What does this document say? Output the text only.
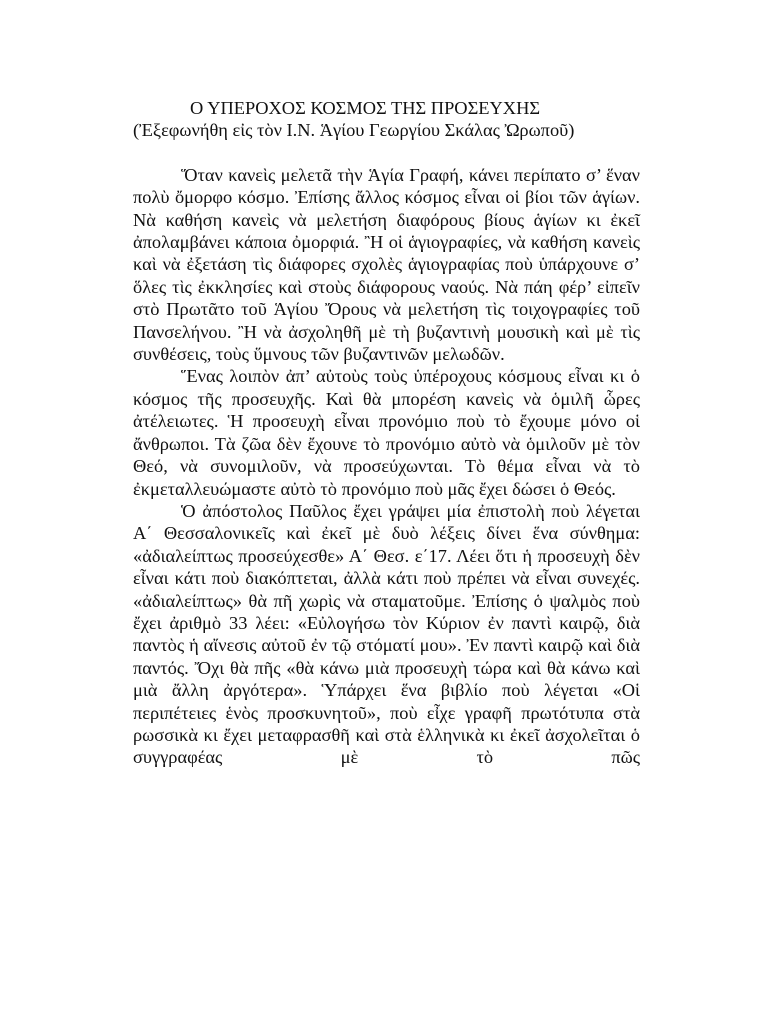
Ο ΥΠΕΡΟΧΟΣ ΚΟΣΜΟΣ ΤΗΣ ΠΡΟΣΕΥΧΗΣ

(Ἐξεφωνήθη εἰς τὸν Ι.Ν. Ἁγίου Γεωργίου Σκάλας Ὠρωποῦ)

Ὅταν κανεὶς μελετᾶ τὴν Ἁγία Γραφή, κάνει περίπατο σ’ ἕναν πολὺ ὄμορφο κόσμο. Ἐπίσης ἄλλος κόσμος εἶναι οἱ βίοι τῶν ἁγίων. Νὰ καθήση κανεὶς νὰ μελετήση διαφόρους βίους ἁγίων κι ἐκεῖ ἀπολαμβάνει κάποια ὀμορφιά. Ἢ οἱ ἁγιογραφίες, νὰ καθήση κανεὶς καὶ νὰ ἐξετάση τὶς διάφορες σχολὲς ἁγιογραφίας ποὺ ὑπάρχουνε σ’ ὅλες τὶς ἐκκλησίες καὶ στοὺς διάφορους ναούς. Νὰ πάη φέρ’ εἰπεῖν στὸ Πρωτᾶτο τοῦ Ἁγίου Ὄρους νὰ μελετήση τὶς τοιχογραφίες τοῦ Πανσελήνου. Ἢ νὰ ἀσχοληθῆ μὲ τὴ βυζαντινὴ μουσικὴ καὶ μὲ τὶς συνθέσεις, τοὺς ὕμνους τῶν βυζαντινῶν μελωδῶν.

Ἕνας λοιπὸν ἀπ’ αὐτοὺς τοὺς ὑπέροχους κόσμους εἶναι κι ὁ κόσμος τῆς προσευχῆς. Καὶ θὰ μπορέση κανεὶς νὰ ὁμιλῆ ὧρες ἀτέλειωτες. Ἡ προσευχὴ εἶναι προνόμιο ποὺ τὸ ἔχουμε μόνο οἱ ἄνθρωποι. Τὰ ζῶα δὲν ἔχουνε τὸ προνόμιο αὐτὸ νὰ ὁμιλοῦν μὲ τὸν Θεό, νὰ συνομιλοῦν, νὰ προσεύχωνται. Τὸ θέμα εἶναι νὰ τὸ ἐκμεταλλευώμαστε αὐτὸ τὸ προνόμιο ποὺ μᾶς ἔχει δώσει ὁ Θεός.

Ὁ ἀπόστολος Παῦλος ἔχει γράψει μία ἐπιστολὴ ποὺ λέγεται Α΄ Θεσσαλονικεῖς καὶ ἐκεῖ μὲ δυὸ λέξεις δίνει ἕνα σύνθημα: «ἀδιαλείπτως προσεύχεσθε» Α΄ Θεσ. ε΄17. Λέει ὅτι ἡ προσευχὴ δὲν εἶναι κάτι ποὺ διακόπτεται, ἀλλὰ κάτι ποὺ πρέπει νὰ εἶναι συνεχές. «ἀδιαλείπτως» θὰ πῆ χωρὶς νὰ σταματοῦμε. Ἐπίσης ὁ ψαλμὸς ποὺ ἔχει ἀριθμὸ 33 λέει: «Εὐλογήσω τὸν Κύριον ἐν παντὶ καιρῷ, διὰ παντὸς ἡ αἴνεσις αὐτοῦ ἐν τῷ στόματί μου». Ἐν παντὶ καιρῷ καὶ διὰ παντός. Ὄχι θὰ πῆς «θὰ κάνω μιὰ προσευχὴ τώρα καὶ θὰ κάνω καὶ μιὰ ἄλλη ἀργότερα». Ὑπάρχει ἕνα βιβλίο ποὺ λέγεται «Οἱ περιπέτειες ἑνὸς προσκυνητοῦ», ποὺ εἶχε γραφῆ πρωτότυπα στὰ ρωσσικὰ κι ἔχει μεταφρασθῆ καὶ στὰ ἑλληνικὰ κι ἐκεῖ ἀσχολεῖται ὁ συγγραφέας μὲ τὸ πῶς
